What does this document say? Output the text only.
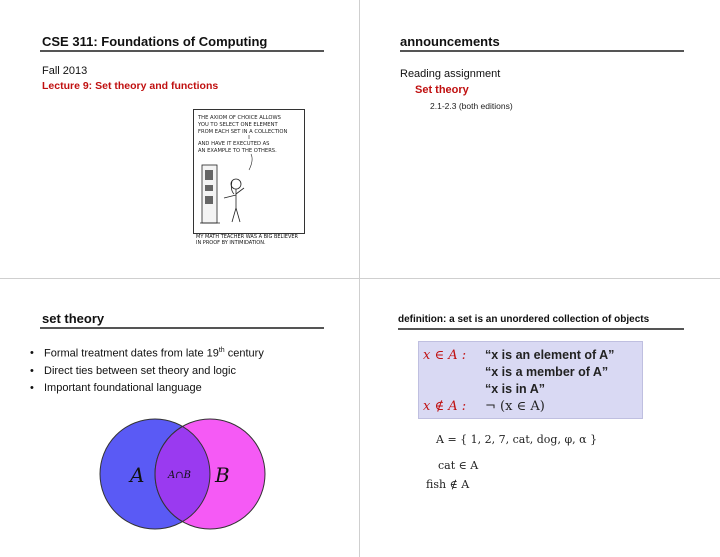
CSE 311: Foundations of Computing
Fall 2013
Lecture 9: Set theory and functions
THE AXIOM OF CHOICE ALLOWS
YOU TO SELECT ONE ELEMENT
FROM EACH SET IN A COLLECTION
AND HAVE IT EXECUTED AS
AN EXAMPLE TO THE OTHERS.
MY MATH TEACHER WAS A BIG BELIEVER IN PROOF BY INTIMIDATION.
announcements
Reading assignment
Set theory
2.1-2.3 (both editions)
set theory
• Formal treatment dates from late 19th century
• Direct ties between set theory and logic
• Important foundational language
A A∩B B
definition: a set is an unordered collection of objects
x ∈ A : “x is an element of A”
“x is a member of A”
“x is in A”
x ∉ A : ¬ (x ∈ A)
A = { 1, 2, 7, cat, dog, φ, α }
cat ∈ A
fish ∉ A
